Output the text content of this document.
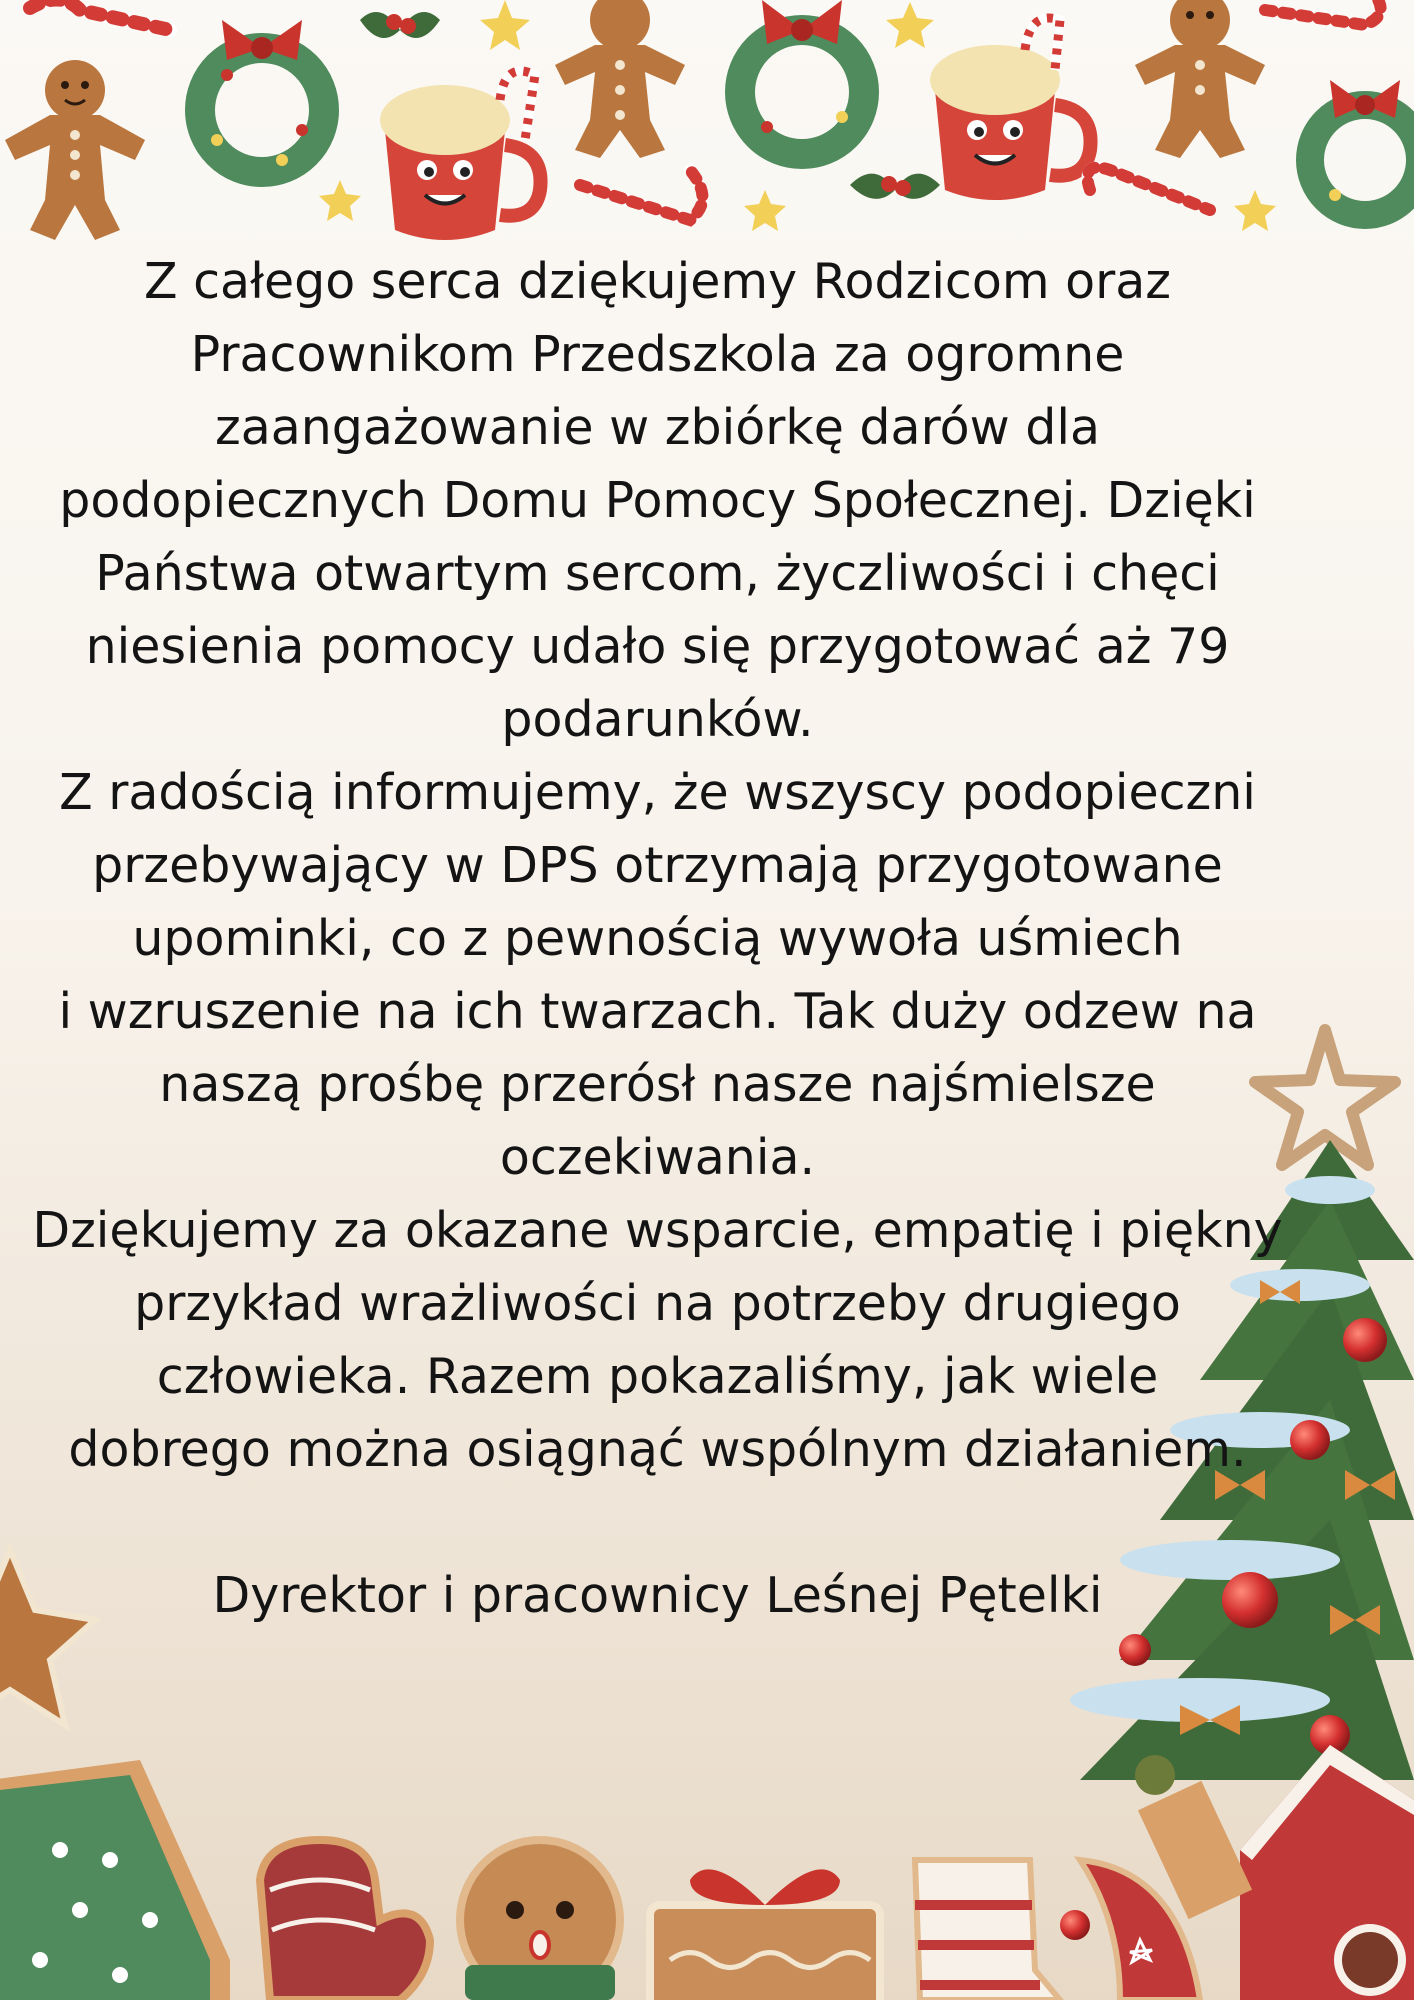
Z całego serca dziękujemy Rodzicom oraz
Pracownikom Przedszkola za ogromne
zaangażowanie w zbiórkę darów dla
podopiecznych Domu Pomocy Społecznej. Dzięki
Państwa otwartym sercom, życzliwości i chęci
niesienia pomocy udało się przygotować aż 79
podarunków.
Z radością informujemy, że wszyscy podopieczni
przebywający w DPS otrzymają przygotowane
upominki, co z pewnością wywoła uśmiech
i wzruszenie na ich twarzach. Tak duży odzew na
naszą prośbę przerósł nasze najśmielsze
oczekiwania.
Dziękujemy za okazane wsparcie, empatię i piękny
przykład wrażliwości na potrzeby drugiego
człowieka. Razem pokazaliśmy, jak wiele
dobrego można osiągnąć wspólnym działaniem.
Dyrektor i pracownicy Leśnej Pętelki
